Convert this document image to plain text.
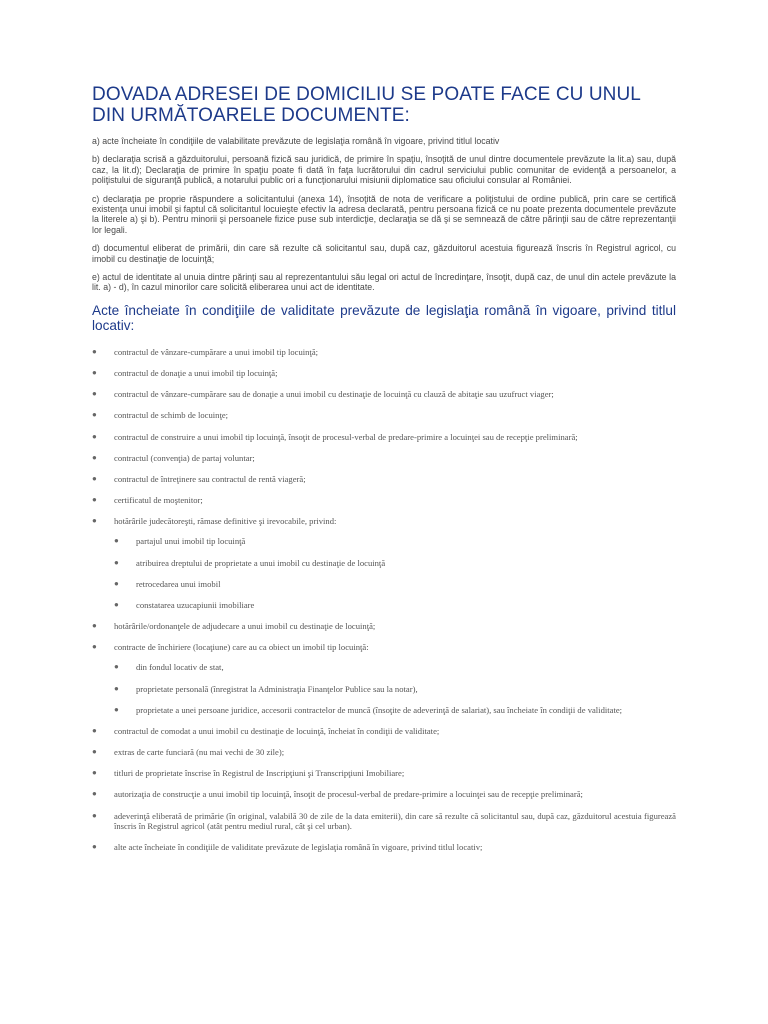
DOVADA ADRESEI DE DOMICILIU SE POATE FACE CU UNUL DIN URMĂTOARELE DOCUMENTE:

a) acte încheiate în condiţiile de valabilitate prevăzute de legislaţia română în vigoare, privind titlul locativ

b) declaraţia scrisă a găzduitorului, persoană fizică sau juridică, de primire în spaţiu, însoţită de unul dintre documentele prevăzute la lit.a) sau, după caz, la lit.d); Declaraţia de primire în spaţiu poate fi dată în faţa lucrătorului din cadrul serviciului public comunitar de evidenţă a persoanelor, a poliţistului de siguranţă publică, a notarului public ori a funcţionarului misiunii diplomatice sau oficiului consular al României.

c) declaraţia pe proprie răspundere a solicitantului (anexa 14), însoţită de nota de verificare a poliţistului de ordine publică, prin care se certifică existenţa unui imobil şi faptul că solicitantul locuieşte efectiv la adresa declarată, pentru persoana fizică ce nu poate prezenta documentele prevăzute la literele a) şi b). Pentru minorii şi persoanele fizice puse sub interdicţie, declaraţia se dă şi se semnează de către părinţii sau de către reprezentanţii lor legali.

d) documentul eliberat de primării, din care să rezulte că solicitantul sau, după caz, găzduitorul acestuia figurează înscris în Registrul agricol, cu imobil cu destinaţie de locuinţă;

e) actul de identitate al unuia dintre părinţi sau al reprezentantului său legal ori actul de încredinţare, însoţit, după caz, de unul din actele prevăzute la lit. a) - d), în cazul minorilor care solicită eliberarea unui act de identitate.

Acte încheiate în condiţiile de validitate prevăzute de legislaţia română în vigoare, privind titlul locativ:
● contractul de vânzare-cumpărare a unui imobil tip locuinţă;
● contractul de donaţie a unui imobil tip locuinţă;
● contractul de vânzare-cumpărare sau de donaţie a unui imobil cu destinaţie de locuinţă cu clauză de abitaţie sau uzufruct viager;
● contractul de schimb de locuinţe;
● contractul de construire a unui imobil tip locuinţă, însoţit de procesul-verbal de predare-primire a locuinţei sau de recepţie preliminară;
● contractul (convenţia) de partaj voluntar;
● contractul de întreţinere sau contractul de rentă viageră;
● certificatul de moştenitor;
● hotărârile judecătoreşti, rămase definitive şi irevocabile, privind:
● partajul unui imobil tip locuinţă
● atribuirea dreptului de proprietate a unui imobil cu destinaţie de locuinţă
● retrocedarea unui imobil
● constatarea uzucapiunii imobiliare
● hotărârile/ordonanţele de adjudecare a unui imobil cu destinaţie de locuinţă;
● contracte de închiriere (locaţiune) care au ca obiect un imobil tip locuinţă:
● din fondul locativ de stat,
● proprietate personală (înregistrat la Administraţia Finanţelor Publice sau la notar),
● proprietate a unei persoane juridice, accesorii contractelor de muncă (însoţite de adeverinţă de salariat), sau încheiate în condiţii de validitate;
● contractul de comodat a unui imobil cu destinaţie de locuinţă, încheiat în condiţii de validitate;
● extras de carte funciară (nu mai vechi de 30 zile);
● titluri de proprietate înscrise în Registrul de Inscripţiuni şi Transcripţiuni Imobiliare;
● autorizaţia de construcţie a unui imobil tip locuinţă, însoţit de procesul-verbal de predare-primire a locuinţei sau de recepţie preliminară;
● adeverinţă eliberată de primărie (în original, valabilă 30 de zile de la data emiterii), din care să rezulte că solicitantul sau, după caz, găzduitorul acestuia figurează înscris în Registrul agricol (atât pentru mediul rural, cât şi cel urban).
● alte acte încheiate în condiţiile de validitate prevăzute de legislaţia română în vigoare, privind titlul locativ;
